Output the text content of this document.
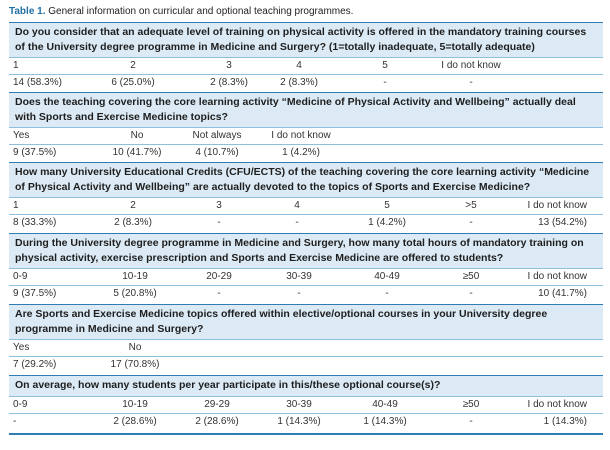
Table 1. General information on curricular and optional teaching programmes.
Do you consider that an adequate level of training on physical activity is offered in the mandatory training courses of the University degree programme in Medicine and Surgery? (1=totally inadequate, 5=totally adequate)
1	2	3	4	5	I do not know
14 (58.3%)	6 (25.0%)	2 (8.3%)	2 (8.3%)	-	-
Does the teaching covering the core learning activity “Medicine of Physical Activity and Wellbeing” actually deal with Sports and Exercise Medicine topics?
Yes	No	Not always	I do not know
9 (37.5%)	10 (41.7%)	4 (10.7%)	1 (4.2%)
How many University Educational Credits (CFU/ECTS) of the teaching covering the core learning activity “Medicine of Physical Activity and Wellbeing” are actually devoted to the topics of Sports and Exercise Medicine?
1	2	3	4	5	>5	I do not know
8 (33.3%)	2 (8.3%)	-	-	1 (4.2%)	-	13 (54.2%)
During the University degree programme in Medicine and Surgery, how many total hours of mandatory training on physical activity, exercise prescription and Sports and Exercise Medicine are offered to students?
0-9	10-19	20-29	30-39	40-49	≥50	I do not know
9 (37.5%)	5 (20.8%)	-	-	-	-	10 (41.7%)
Are Sports and Exercise Medicine topics offered within elective/optional courses in your University degree programme in Medicine and Surgery?
Yes	No
7 (29.2%)	17 (70.8%)
On average, how many students per year participate in this/these optional course(s)?
0-9	10-19	29-29	30-39	40-49	≥50	I do not know
-	2 (28.6%)	2 (28.6%)	1 (14.3%)	1 (14.3%)	-	1 (14.3%)
